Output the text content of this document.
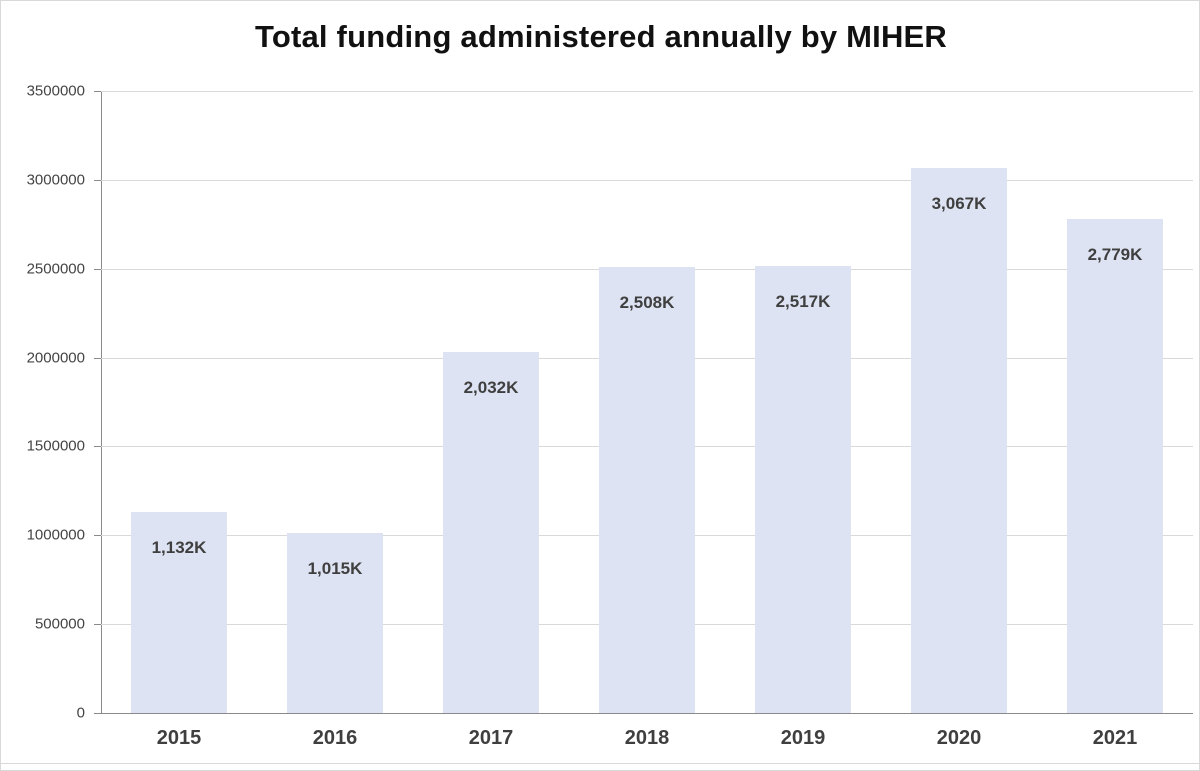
Total funding administered annually by MIHER
0
500000
1000000
1500000
2000000
2500000
3000000
3500000
1,132K
1,015K
2,032K
2,508K	2,517K
3,067K
2,779K
2015	2016	2017	2018	2019	2020	2021
